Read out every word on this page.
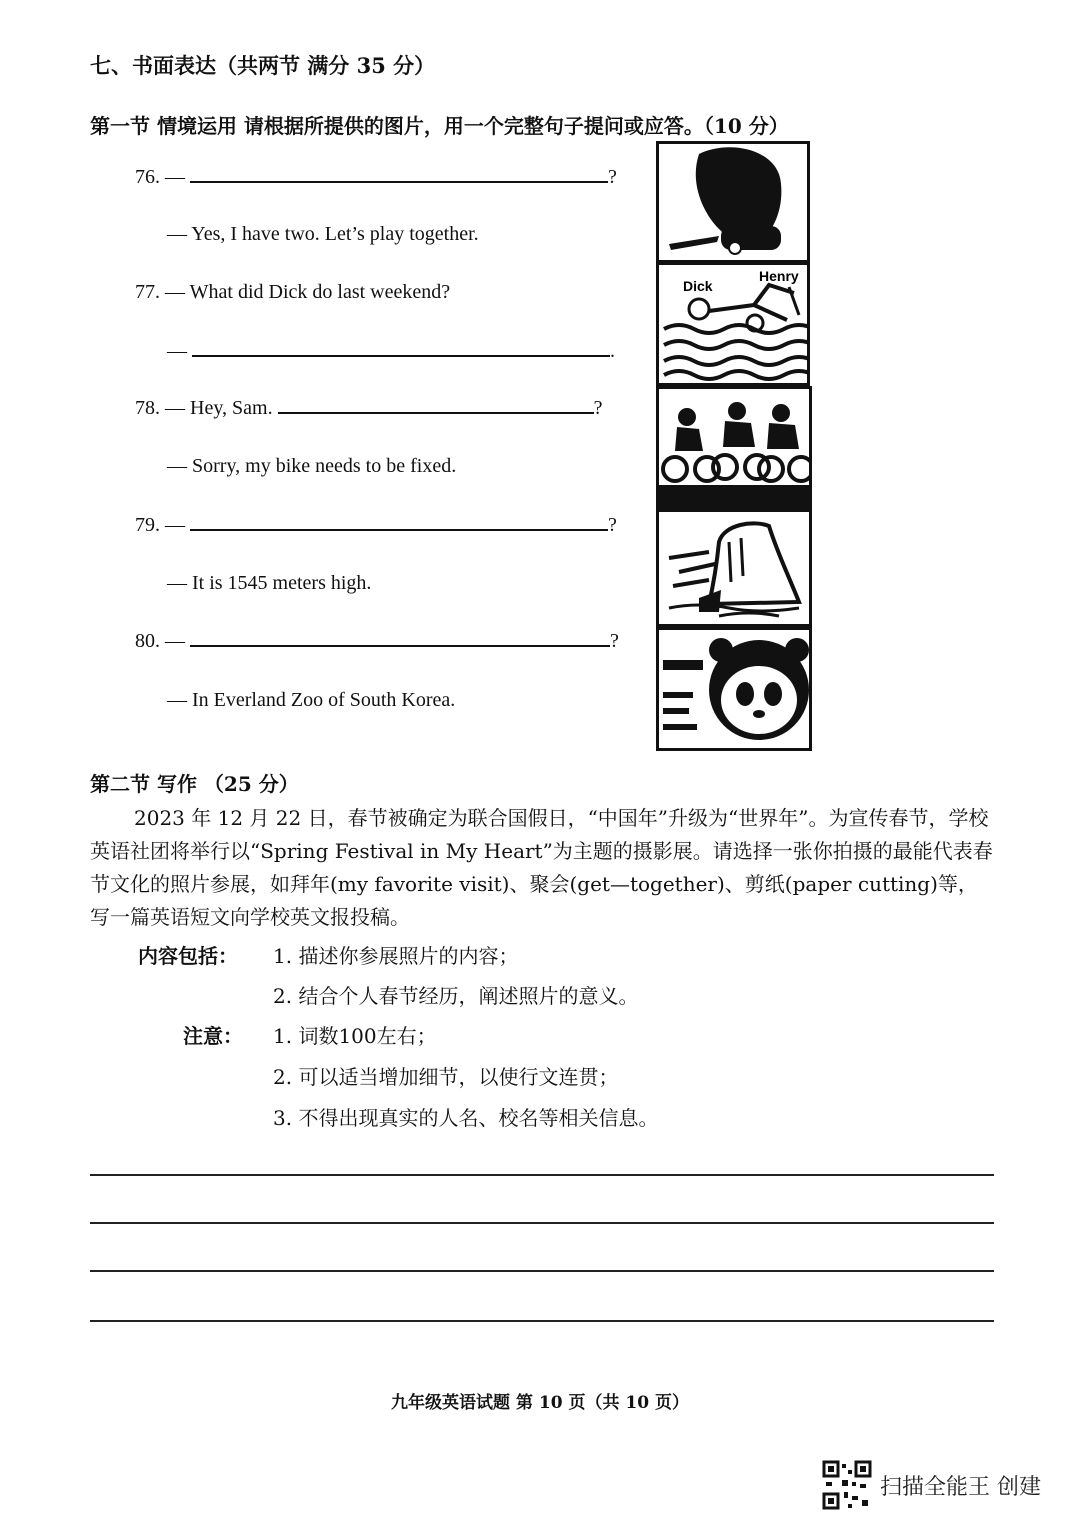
七、书面表达（共两节 满分 35 分）
第一节 情境运用 请根据所提供的图片，用一个完整句子提问或应答。（10 分）
76. —	?
— Yes, I have two. Let’s play together.
77. — What did Dick do last weekend?
—	.
78. — Hey, Sam.	?
— Sorry, my bike needs to be fixed.
79. —	?
— It is 1545 meters high.
80. —	?
— In Everland Zoo of South Korea.
Dick
Henry
第二节 写作 （25 分）
2023 年 12 月 22 日，春节被确定为联合国假日，“中国年”升级为“世界年”。为宣传春节，学校英语社团将举行以“Spring Festival in My Heart”为主题的摄影展。请选择一张你拍摄的最能代表春节文化的照片参展，如拜年(my favorite visit)、聚会(get—together)、剪纸(paper cutting)等，写一篇英语短文向学校英文报投稿。
内容包括： 1. 描述你参展照片的内容；
2. 结合个人春节经历，阐述照片的意义。
注意： 1. 词数100左右；
2. 可以适当增加细节，以使行文连贯；
3. 不得出现真实的人名、校名等相关信息。
九年级英语试题 第 10 页（共 10 页）
扫描全能王 创建
